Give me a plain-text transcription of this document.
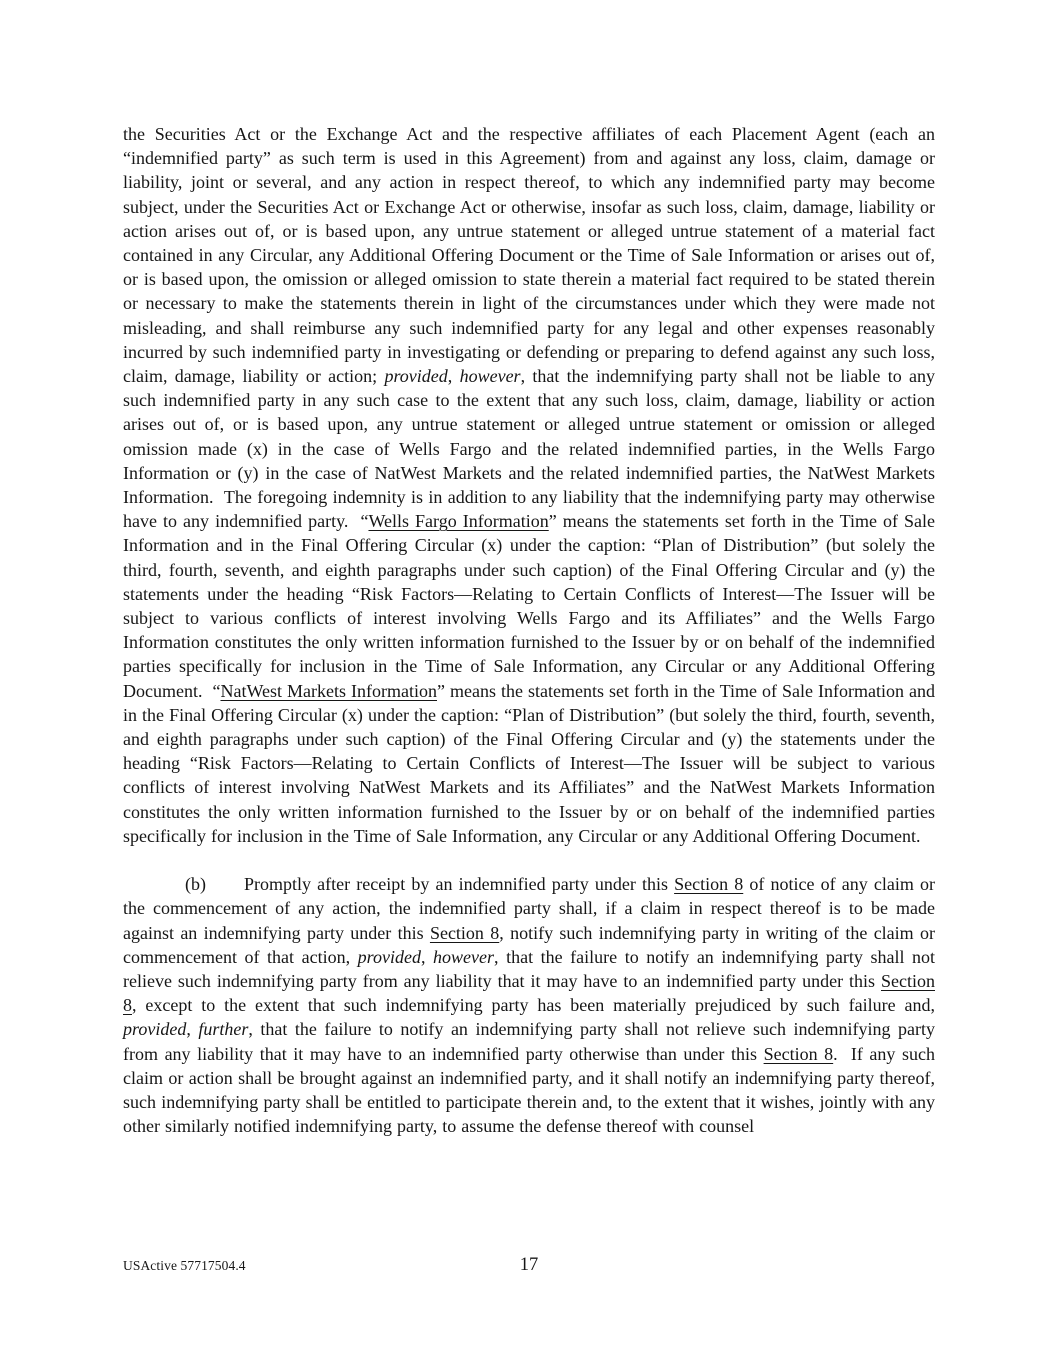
the Securities Act or the Exchange Act and the respective affiliates of each Placement Agent (each an “indemnified party” as such term is used in this Agreement) from and against any loss, claim, damage or liability, joint or several, and any action in respect thereof, to which any indemnified party may become subject, under the Securities Act or Exchange Act or otherwise, insofar as such loss, claim, damage, liability or action arises out of, or is based upon, any untrue statement or alleged untrue statement of a material fact contained in any Circular, any Additional Offering Document or the Time of Sale Information or arises out of, or is based upon, the omission or alleged omission to state therein a material fact required to be stated therein or necessary to make the statements therein in light of the circumstances under which they were made not misleading, and shall reimburse any such indemnified party for any legal and other expenses reasonably incurred by such indemnified party in investigating or defending or preparing to defend against any such loss, claim, damage, liability or action; provided, however, that the indemnifying party shall not be liable to any such indemnified party in any such case to the extent that any such loss, claim, damage, liability or action arises out of, or is based upon, any untrue statement or alleged untrue statement or omission or alleged omission made (x) in the case of Wells Fargo and the related indemnified parties, in the Wells Fargo Information or (y) in the case of NatWest Markets and the related indemnified parties, the NatWest Markets Information.  The foregoing indemnity is in addition to any liability that the indemnifying party may otherwise have to any indemnified party.  “Wells Fargo Information” means the statements set forth in the Time of Sale Information and in the Final Offering Circular (x) under the caption: “Plan of Distribution” (but solely the third, fourth, seventh, and eighth paragraphs under such caption) of the Final Offering Circular and (y) the statements under the heading “Risk Factors—Relating to Certain Conflicts of Interest—The Issuer will be subject to various conflicts of interest involving Wells Fargo and its Affiliates” and the Wells Fargo Information constitutes the only written information furnished to the Issuer by or on behalf of the indemnified parties specifically for inclusion in the Time of Sale Information, any Circular or any Additional Offering Document.  “NatWest Markets Information” means the statements set forth in the Time of Sale Information and in the Final Offering Circular (x) under the caption: “Plan of Distribution” (but solely the third, fourth, seventh, and eighth paragraphs under such caption) of the Final Offering Circular and (y) the statements under the heading “Risk Factors—Relating to Certain Conflicts of Interest—The Issuer will be subject to various conflicts of interest involving NatWest Markets and its Affiliates” and the NatWest Markets Information constitutes the only written information furnished to the Issuer by or on behalf of the indemnified parties specifically for inclusion in the Time of Sale Information, any Circular or any Additional Offering Document.

(b) Promptly after receipt by an indemnified party under this Section 8 of notice of any claim or the commencement of any action, the indemnified party shall, if a claim in respect thereof is to be made against an indemnifying party under this Section 8, notify such indemnifying party in writing of the claim or commencement of that action, provided, however, that the failure to notify an indemnifying party shall not relieve such indemnifying party from any liability that it may have to an indemnified party under this Section 8, except to the extent that such indemnifying party has been materially prejudiced by such failure and, provided, further, that the failure to notify an indemnifying party shall not relieve such indemnifying party from any liability that it may have to an indemnified party otherwise than under this Section 8.  If any such claim or action shall be brought against an indemnified party, and it shall notify an indemnifying party thereof, such indemnifying party shall be entitled to participate therein and, to the extent that it wishes, jointly with any other similarly notified indemnifying party, to assume the defense thereof with counsel

USActive 57717504.4	17
